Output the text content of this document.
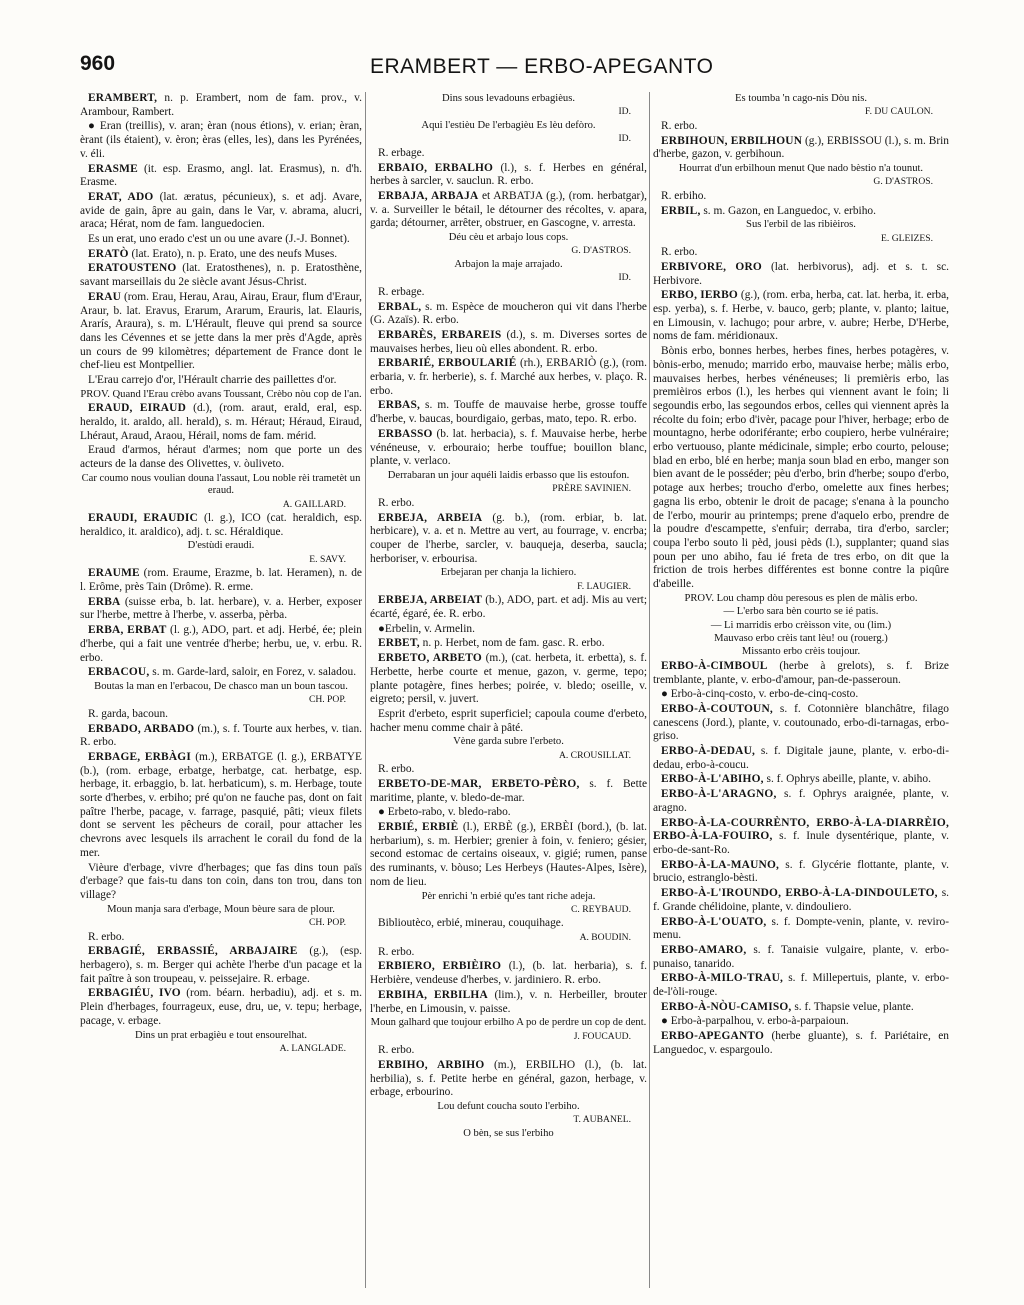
960	ERAMBERT — ERBO-APEGANTO
ERAMBERT, n. p. Erambert, nom de fam. prov., v. Arambour, Rambert.
● Eran (treillis), v. aran; èran (nous étions), v. erian; èran, èrant (ils étaient), v. èron; èras (elles, les), dans les Pyrénées, v. éli.
ERASME (it. esp. Erasmo, angl. lat. Erasmus), n. d'h. Erasme.
ERAT, ADO (lat. æratus, pécunieux), s. et adj. Avare, avide de gain, âpre au gain, dans le Var, v. abrama, alucri, araca; Hérat, nom de fam. languedocien.
Es un erat, uno erado c'est un ou une avare (J.-J. Bonnet).
ERATÒ (lat. Erato), n. p. Erato, une des neufs Muses.
ERATOUSTENO (lat. Eratosthenes), n. p. Eratosthène, savant marseillais du 2e siècle avant Jésus-Christ.
ERAU (rom. Erau, Herau, Arau, Airau, Eraur, flum d'Eraur, Araur, b. lat. Eravus, Erarum, Ararum, Erauris, lat. Elauris, Ararís, Araura), s. m. L'Hérault, fleuve qui prend sa source dans les Cévennes et se jette dans la mer près d'Agde, après un cours de 99 kilomètres; département de France dont le chef-lieu est Montpellier.
L'Erau carrejo d'or, l'Hérault charrie des paillettes d'or.
PROV. Quand l'Erau crèbo avans Toussant, Crèbo nòu cop de l'an.
ERAUD, EIRAUD (d.), (rom. araut, erald, eral, esp. heraldo, it. araldo, all. herald), s. m. Héraut; Héraud, Eiraud, Lhéraut, Araud, Araou, Hérail, noms de fam. mérid.
Eraud d'armos, héraut d'armes; nom que porte un des acteurs de la danse des Olivettes, v. òuliveto.
Car coumo nous voulian douna l'assaut, Lou noble rèi trametèt un eraud.
A. GAILLARD.
ERAUDI, ERAUDIC (l. g.), ICO (cat. heraldich, esp. heraldico, it. araldico), adj. t. sc. Héraldique.
D'estùdi eraudi.
E. SAVY.
ERAUME (rom. Eraume, Erazme, b. lat. Heramen), n. de l. Erôme, près Tain (Drôme). R. erme.
ERBA (suisse erba, b. lat. herbare), v. a. Herber, exposer sur l'herbe, mettre à l'herbe, v. asserba, pèrba.
ERBA, ERBAT (l. g.), ADO, part. et adj. Herbé, ée; plein d'herbe, qui a fait une ventrée d'herbe; herbu, ue, v. erbu. R. erbo.
ERBACOU, s. m. Garde-lard, saloir, en Forez, v. saladou.
Boutas la man en l'erbacou, De chasco man un boun tascou.
CH. POP.
R. garda, bacoun.
ERBADO, ARBADO (m.), s. f. Tourte aux herbes, v. tian. R. erbo.
ERBAGE, ERBÀGI (m.), ERBATGE (l. g.), ERBATYE (b.), (rom. erbage, erbatge, herbatge, cat. herbatge, esp. herbage, it. erbaggio, b. lat. herbaticum), s. m. Herbage, toute sorte d'herbes, v. erbiho; pré qu'on ne fauche pas, dont on fait paître l'herbe, pacage, v. farrage, pasquié, pâti; vieux filets dont se servent les pêcheurs de corail, pour attacher les chevrons avec lesquels ils arrachent le corail du fond de la mer.
Vièure d'erbage, vivre d'herbages; que fas dins toun païs d'erbage? que fais-tu dans ton coin, dans ton trou, dans ton village?
Moun manja sara d'erbage, Moun bèure sara de plour.
CH. POP.
R. erbo.
ERBAGIÉ, ERBASSIÉ, ARBAJAIRE (g.), (esp. herbagero), s. m. Berger qui achète l'herbe d'un pacage et la fait paître à son troupeau, v. peissejaire. R. erbage.
ERBAGIÉU, IVO (rom. béarn. herbadiu), adj. et s. m. Plein d'herbages, fourrageux, euse, dru, ue, v. tepu; herbage, pacage, v. erbage.
Dins un prat erbagièu e tout ensourelhat.
A. LANGLADE.
Dins sous levadouns erbagièus.
ID.
Aqui l'estièu De l'erbagièu Es lèu defòro.
ID.
R. erbage.
ERBAIO, ERBALHO (l.), s. f. Herbes en général, herbes à sarcler, v. sauclun. R. erbo.
ERBAJA, ARBAJA et ARBATJA (g.), (rom. herbatgar), v. a. Surveiller le bétail, le détourner des récoltes, v. apara, garda; détourner, arrêter, obstruer, en Gascogne, v. arresta.
Déu cèu et arbajo lous cops.
G. D'ASTROS.
Arbajon la maje arrajado.
ID.
R. erbage.
ERBAL, s. m. Espèce de moucheron qui vit dans l'herbe (G. Azaïs). R. erbo.
ERBARÈS, ERBAREIS (d.), s. m. Diverses sortes de mauvaises herbes, lieu où elles abondent. R. erbo.
ERBARIÉ, ERBOULARIÉ (rh.), ERBARIÒ (g.), (rom. erbaria, v. fr. herberie), s. f. Marché aux herbes, v. plaço. R. erbo.
ERBAS, s. m. Touffe de mauvaise herbe, grosse touffe d'herbe, v. baucas, bourdigaio, gerbas, mato, tepo. R. erbo.
ERBASSO (b. lat. herbacia), s. f. Mauvaise herbe, herbe vénéneuse, v. erbouraio; herbe touffue; bouillon blanc, plante, v. verlaco.
Derrabaran un jour aquéli laidis erbasso que lis estoufon.
PRÈRE SAVINIEN.
R. erbo.
ERBEJA, ARBEIA (g. b.), (rom. erbiar, b. lat. herbicare), v. a. et n. Mettre au vert, au fourrage, v. encrba; couper de l'herbe, sarcler, v. bauqueja, deserba, saucla; herboriser, v. erbourisa.
Erbejaran per chanja la lichiero.
F. LAUGIER.
ERBEJA, ARBEIAT (b.), ADO, part. et adj. Mis au vert; écarté, égaré, ée. R. erbo.
●Erbelin, v. Armelin.
ERBET, n. p. Herbet, nom de fam. gasc. R. erbo.
ERBETO, ARBETO (m.), (cat. herbeta, it. erbetta), s. f. Herbette, herbe courte et menue, gazon, v. germe, tepo; plante potagère, fines herbes; poirée, v. bledo; oseille, v. eigreto; persil, v. juvert.
Esprit d'erbeto, esprit superficiel; capoula coume d'erbeto, hacher menu comme chair à pâté.
Vène garda subre l'erbeto.
A. CROUSILLAT.
R. erbo.
ERBETO-DE-MAR, ERBETO-PÈRO, s. f. Bette maritime, plante, v. bledo-de-mar.
● Erbeto-rabo, v. bledo-rabo.
ERBIÉ, ERBIÈ (l.), ERBÈ (g.), ERBÈI (bord.), (b. lat. herbarium), s. m. Herbier; grenier à foin, v. feniero; gésier, second estomac de certains oiseaux, v. gigié; rumen, panse des ruminants, v. bòuso; Les Herbeys (Hautes-Alpes, Isère), nom de lieu.
Pèr enrichi 'n erbié qu'es tant riche adeja.
C. REYBAUD.
Biblioutèco, erbié, minerau, couquihage.
A. BOUDIN.
R. erbo.
ERBIERO, ERBIÈIRO (l.), (b. lat. herbaria), s. f. Herbière, vendeuse d'herbes, v. jardiniero. R. erbo.
ERBIHA, ERBILHA (lim.), v. n. Herbeiller, brouter l'herbe, en Limousin, v. paisse.
Moun galhard que toujour erbilho A po de perdre un cop de dent.
J. FOUCAUD.
R. erbo.
ERBIHO, ARBIHO (m.), ERBILHO (l.), (b. lat. herbilia), s. f. Petite herbe en général, gazon, herbage, v. erbage, erbourino.
Lou defunt coucha souto l'erbiho.
T. AUBANEL.
O bèn, se sus l'erbiho
Es toumba 'n cago-nis Dòu nis.
F. DU CAULON.
R. erbo.
ERBIHOUN, ERBILHOUN (g.), ERBISSOU (l.), s. m. Brin d'herbe, gazon, v. gerbihoun.
Hourrat d'un erbilhoun menut Que nado bèstio n'a tounut.
G. D'ASTROS.
R. erbiho.
ERBIL, s. m. Gazon, en Languedoc, v. erbiho.
Sus l'erbil de las ribièiros.
E. GLEIZES.
R. erbo.
ERBIVORE, ORO (lat. herbivorus), adj. et s. t. sc. Herbivore.
ERBO, IERBO (g.), (rom. erba, herba, cat. lat. herba, it. erba, esp. yerba), s. f. Herbe, v. bauco, gerb; plante, v. planto; laitue, en Limousin, v. lachugo; pour arbre, v. aubre; Herbe, D'Herbe, noms de fam. méridionaux.
Bònis erbo, bonnes herbes, herbes fines, herbes potagères, v. bònis-erbo, menudo; marrido erbo, mauvaise herbe; màlis erbo, mauvaises herbes, herbes vénéneuses; li premièris erbo, las premièiros erbos (l.), les herbes qui viennent avant le foin; li segoundis erbo, las segoundos erbos, celles qui viennent après la récolte du foin; erbo d'ivèr, pacage pour l'hiver, herbage; erbo de mountagno, herbe odoriférante; erbo coupiero, herbe vulnéraire; erbo vertuouso, plante médicinale, simple; erbo courto, pelouse; blad en erbo, blé en herbe; manja soun blad en erbo, manger son bien avant de le posséder; pèu d'erbo, brin d'herbe; soupo d'erbo, potage aux herbes; troucho d'erbo, omelette aux fines herbes; gagna lis erbo, obtenir le droit de pacage; s'enana à la pouncho de l'erbo, mourir au printemps; prene d'aquelo erbo, prendre de la poudre d'escampette, s'enfuir; derraba, tira d'erbo, sarcler; coupa l'erbo souto li pèd, jousi pèds (l.), supplanter; quand sias poun per uno abiho, fau ié freta de tres erbo, on dit que la friction de trois herbes différentes est bonne contre la piqûre d'abeille.
PROV. Lou champ dòu peresous es plen de màlis erbo.
— L'erbo sara bèn courto se ié patis.
— Li marridis erbo crèisson vite, ou (lim.)
Mauvaso erbo crèis tant lèu! ou (rouerg.)
Missanto erbo crèis toujour.
ERBO-À-CIMBOUL (herbe à grelots), s. f. Brize tremblante, plante, v. erbo-d'amour, pan-de-passeroun.
● Erbo-à-cinq-costo, v. erbo-de-cinq-costo.
ERBO-À-COUTOUN, s. f. Cotonnière blanchâtre, filago canescens (Jord.), plante, v. coutounado, erbo-di-tarnagas, erbo-griso.
ERBO-À-DEDAU, s. f. Digitale jaune, plante, v. erbo-di-dedau, erbo-à-coucu.
ERBO-À-L'ABIHO, s. f. Ophrys abeille, plante, v. abiho.
ERBO-À-L'ARAGNO, s. f. Ophrys araignée, plante, v. aragno.
ERBO-À-LA-COURRÈNTO, ERBO-À-LA-DIARRÈIO, ERBO-À-LA-FOUIRO, s. f. Inule dysentérique, plante, v. erbo-de-sant-Ro.
ERBO-À-LA-MAUNO, s. f. Glycérie flottante, plante, v. brucio, estranglo-bèsti.
ERBO-À-L'IROUNDO, ERBO-À-LA-DINDOULETO, s. f. Grande chélidoine, plante, v. dindouliero.
ERBO-À-L'OUATO, s. f. Dompte-venin, plante, v. reviro-menu.
ERBO-AMARO, s. f. Tanaisie vulgaire, plante, v. erbo-punaiso, tanarido.
ERBO-À-MILO-TRAU, s. f. Millepertuis, plante, v. erbo-de-l'òli-rouge.
ERBO-À-NÒU-CAMISO, s. f. Thapsie velue, plante.
● Erbo-à-parpalhou, v. erbo-à-parpaioun.
ERBO-APEGANTO (herbe gluante), s. f. Pariétaire, en Languedoc, v. espargoulo.
